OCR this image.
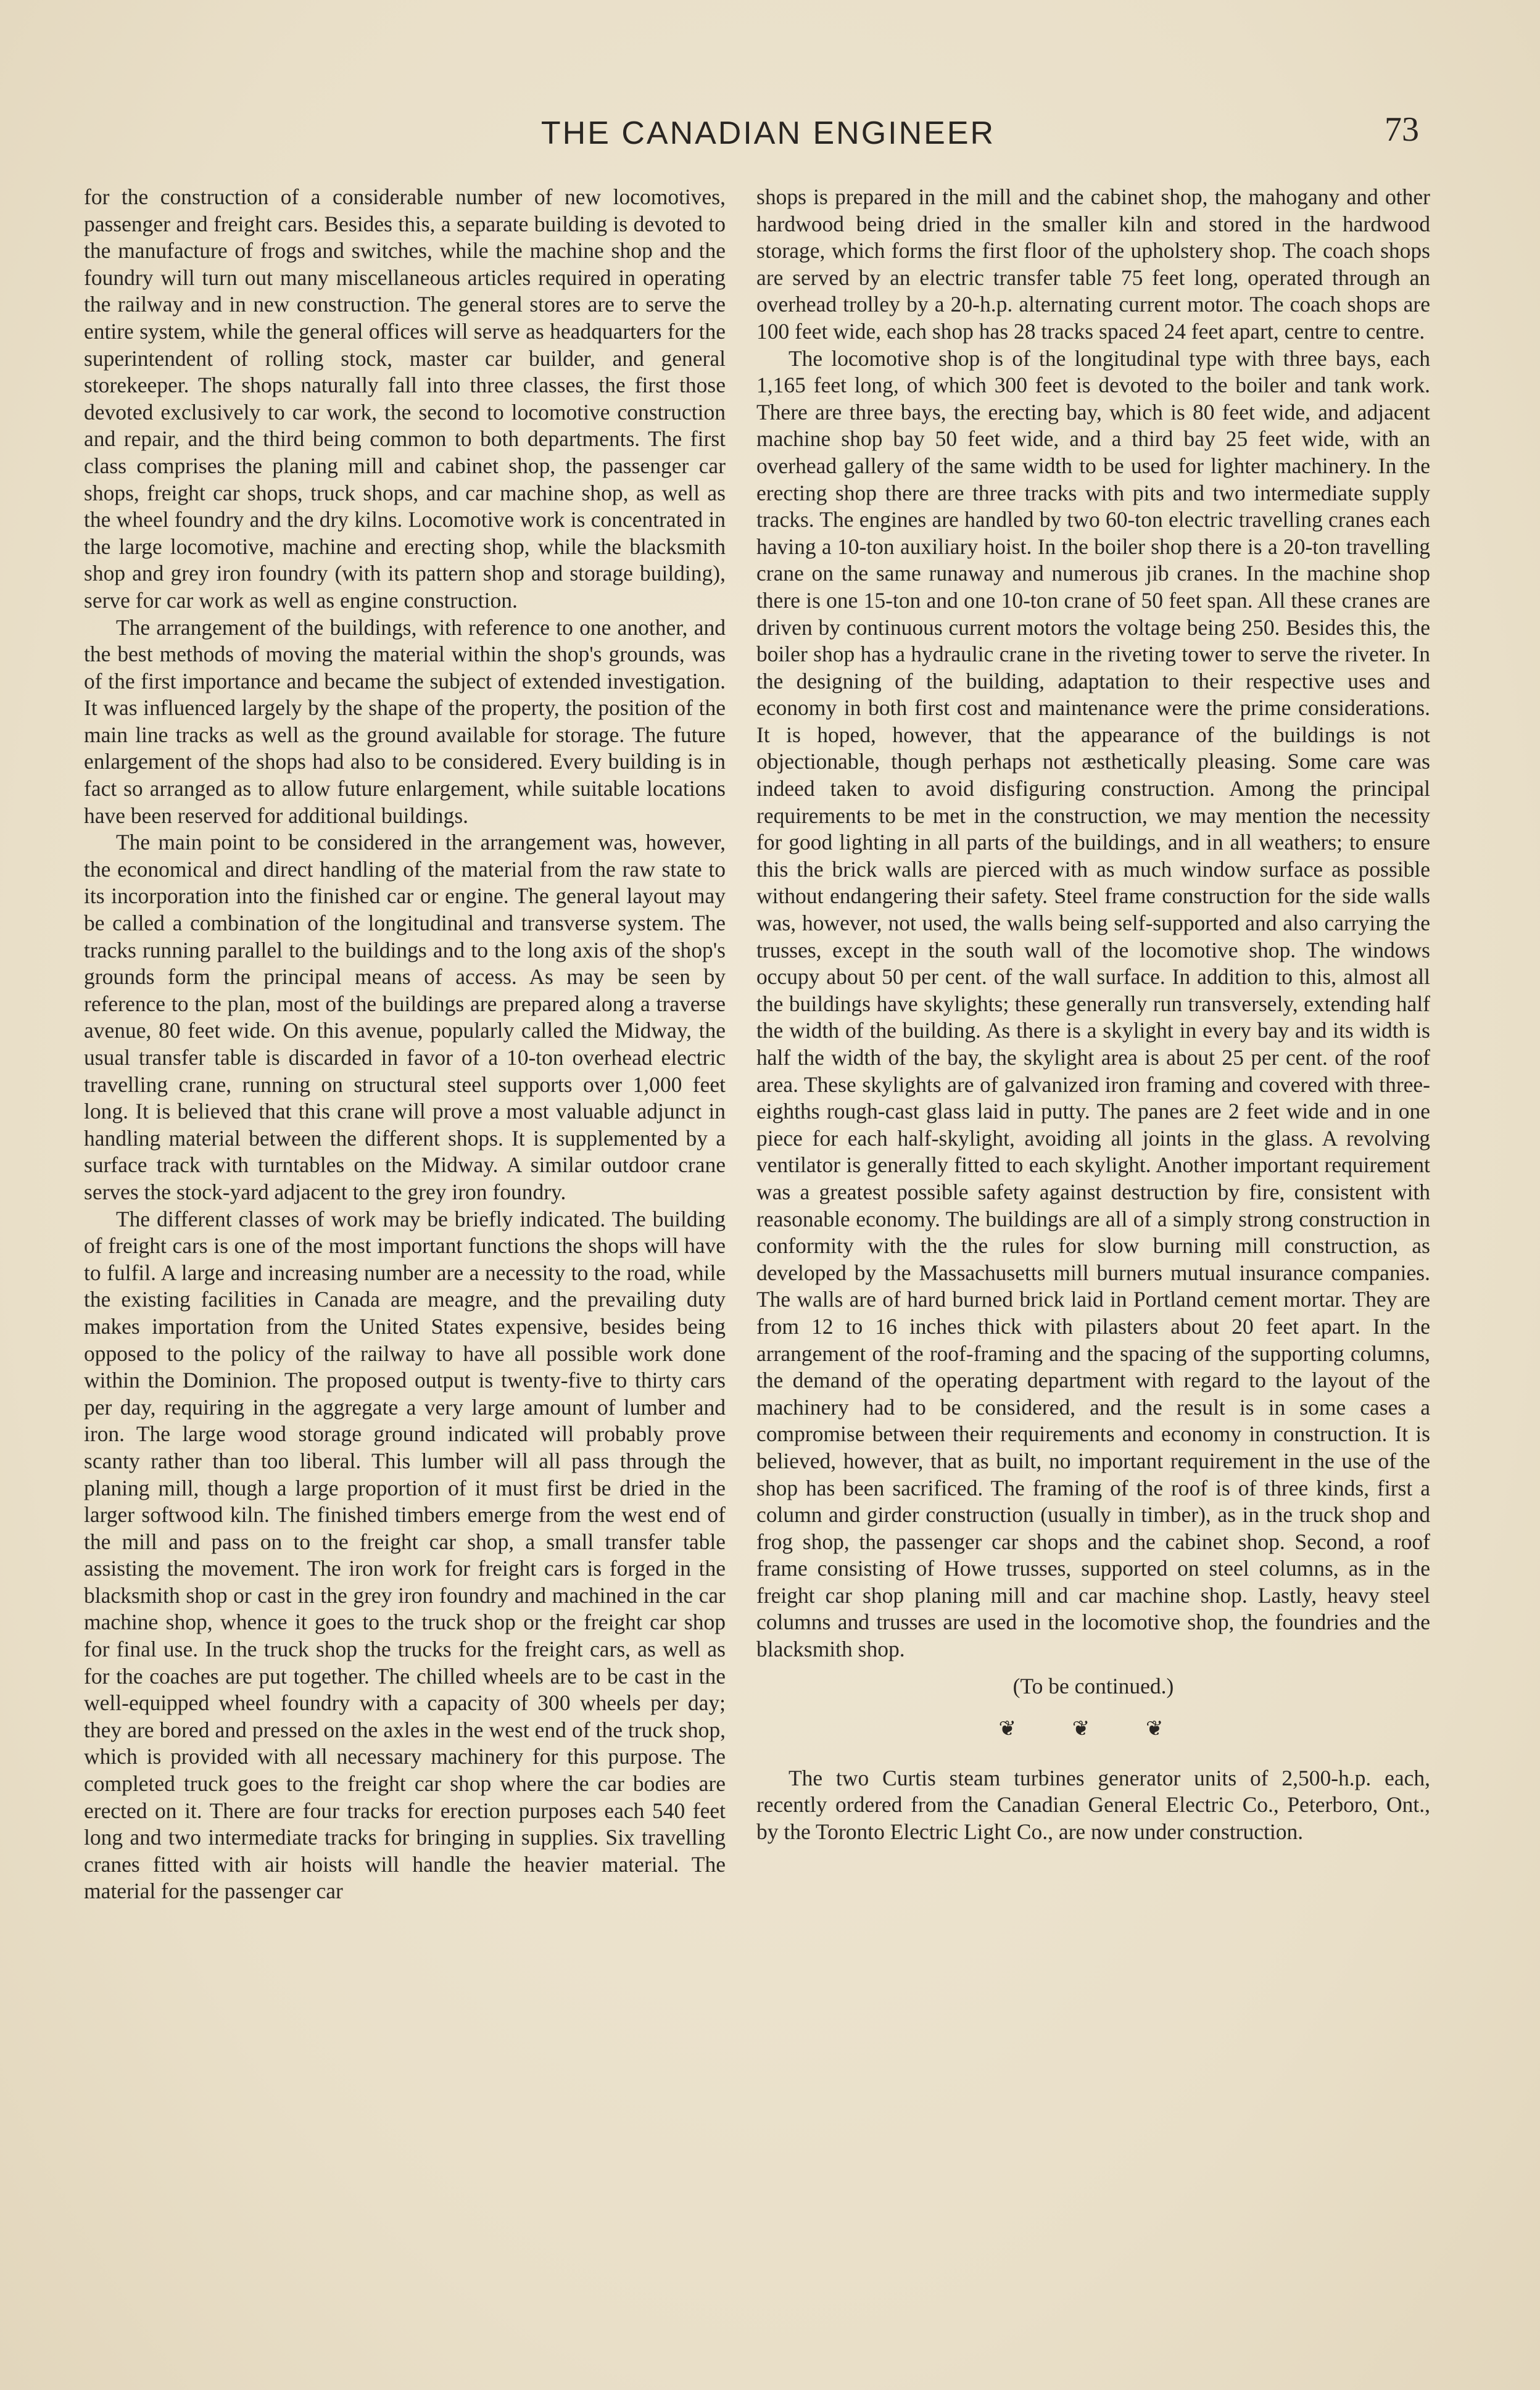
THE CANADIAN ENGINEER	73

for the construction of a considerable number of new locomotives, passenger and freight cars. Besides this, a separate building is devoted to the manufacture of frogs and switches, while the machine shop and the foundry will turn out many miscellaneous articles required in operating the railway and in new construction. The general stores are to serve the entire system, while the general offices will serve as headquarters for the superintendent of rolling stock, master car builder, and general storekeeper. The shops naturally fall into three classes, the first those devoted exclusively to car work, the second to locomotive construction and repair, and the third being common to both departments. The first class comprises the planing mill and cabinet shop, the passenger car shops, freight car shops, truck shops, and car machine shop, as well as the wheel foundry and the dry kilns. Locomotive work is concentrated in the large locomotive, machine and erecting shop, while the blacksmith shop and grey iron foundry (with its pattern shop and storage building), serve for car work as well as engine construction.

The arrangement of the buildings, with reference to one another, and the best methods of moving the material within the shop's grounds, was of the first importance and became the subject of extended investigation. It was influenced largely by the shape of the property, the position of the main line tracks as well as the ground available for storage. The future enlargement of the shops had also to be considered. Every building is in fact so arranged as to allow future enlargement, while suitable locations have been reserved for additional buildings.

The main point to be considered in the arrangement was, however, the economical and direct handling of the material from the raw state to its incorporation into the finished car or engine. The general layout may be called a combination of the longitudinal and transverse system. The tracks running parallel to the buildings and to the long axis of the shop's grounds form the principal means of access. As may be seen by reference to the plan, most of the buildings are prepared along a traverse avenue, 80 feet wide. On this avenue, popularly called the Midway, the usual transfer table is discarded in favor of a 10-ton overhead electric travelling crane, running on structural steel supports over 1,000 feet long. It is believed that this crane will prove a most valuable adjunct in handling material between the different shops. It is supplemented by a surface track with turntables on the Midway. A similar outdoor crane serves the stock-yard adjacent to the grey iron foundry.

The different classes of work may be briefly indicated. The building of freight cars is one of the most important functions the shops will have to fulfil. A large and increasing number are a necessity to the road, while the existing facilities in Canada are meagre, and the prevailing duty makes importation from the United States expensive, besides being opposed to the policy of the railway to have all possible work done within the Dominion. The proposed output is twenty-five to thirty cars per day, requiring in the aggregate a very large amount of lumber and iron. The large wood storage ground indicated will probably prove scanty rather than too liberal. This lumber will all pass through the planing mill, though a large proportion of it must first be dried in the larger softwood kiln. The finished timbers emerge from the west end of the mill and pass on to the freight car shop, a small transfer table assisting the movement. The iron work for freight cars is forged in the blacksmith shop or cast in the grey iron foundry and machined in the car machine shop, whence it goes to the truck shop or the freight car shop for final use. In the truck shop the trucks for the freight cars, as well as for the coaches are put together. The chilled wheels are to be cast in the well-equipped wheel foundry with a capacity of 300 wheels per day; they are bored and pressed on the axles in the west end of the truck shop, which is provided with all necessary machinery for this purpose. The completed truck goes to the freight car shop where the car bodies are erected on it. There are four tracks for erection purposes each 540 feet long and two intermediate tracks for bringing in supplies. Six travelling cranes fitted with air hoists will handle the heavier material. The material for the passenger car

shops is prepared in the mill and the cabinet shop, the mahogany and other hardwood being dried in the smaller kiln and stored in the hardwood storage, which forms the first floor of the upholstery shop. The coach shops are served by an electric transfer table 75 feet long, operated through an overhead trolley by a 20-h.p. alternating current motor. The coach shops are 100 feet wide, each shop has 28 tracks spaced 24 feet apart, centre to centre.

The locomotive shop is of the longitudinal type with three bays, each 1,165 feet long, of which 300 feet is devoted to the boiler and tank work. There are three bays, the erecting bay, which is 80 feet wide, and adjacent machine shop bay 50 feet wide, and a third bay 25 feet wide, with an overhead gallery of the same width to be used for lighter machinery. In the erecting shop there are three tracks with pits and two intermediate supply tracks. The engines are handled by two 60-ton electric travelling cranes each having a 10-ton auxiliary hoist. In the boiler shop there is a 20-ton travelling crane on the same runaway and numerous jib cranes. In the machine shop there is one 15-ton and one 10-ton crane of 50 feet span. All these cranes are driven by continuous current motors the voltage being 250. Besides this, the boiler shop has a hydraulic crane in the riveting tower to serve the riveter. In the designing of the building, adaptation to their respective uses and economy in both first cost and maintenance were the prime considerations. It is hoped, however, that the appearance of the buildings is not objectionable, though perhaps not æsthetically pleasing. Some care was indeed taken to avoid disfiguring construction. Among the principal requirements to be met in the construction, we may mention the necessity for good lighting in all parts of the buildings, and in all weathers; to ensure this the brick walls are pierced with as much window surface as possible without endangering their safety. Steel frame construction for the side walls was, however, not used, the walls being self-supported and also carrying the trusses, except in the south wall of the locomotive shop. The windows occupy about 50 per cent. of the wall surface. In addition to this, almost all the buildings have skylights; these generally run transversely, extending half the width of the building. As there is a skylight in every bay and its width is half the width of the bay, the skylight area is about 25 per cent. of the roof area. These skylights are of galvanized iron framing and covered with three-eighths rough-cast glass laid in putty. The panes are 2 feet wide and in one piece for each half-skylight, avoiding all joints in the glass. A revolving ventilator is generally fitted to each skylight. Another important requirement was a greatest possible safety against destruction by fire, consistent with reasonable economy. The buildings are all of a simply strong construction in conformity with the the rules for slow burning mill construction, as developed by the Massachusetts mill burners mutual insurance companies. The walls are of hard burned brick laid in Portland cement mortar. They are from 12 to 16 inches thick with pilasters about 20 feet apart. In the arrangement of the roof-framing and the spacing of the supporting columns, the demand of the operating department with regard to the layout of the machinery had to be considered, and the result is in some cases a compromise between their requirements and economy in construction. It is believed, however, that as built, no important requirement in the use of the shop has been sacrificed. The framing of the roof is of three kinds, first a column and girder construction (usually in timber), as in the truck shop and frog shop, the passenger car shops and the cabinet shop. Second, a roof frame consisting of Howe trusses, supported on steel columns, as in the freight car shop planing mill and car machine shop. Lastly, heavy steel columns and trusses are used in the locomotive shop, the foundries and the blacksmith shop.

(To be continued.)

❦ ❦ ❦

The two Curtis steam turbines generator units of 2,500-h.p. each, recently ordered from the Canadian General Electric Co., Peterboro, Ont., by the Toronto Electric Light Co., are now under construction.
